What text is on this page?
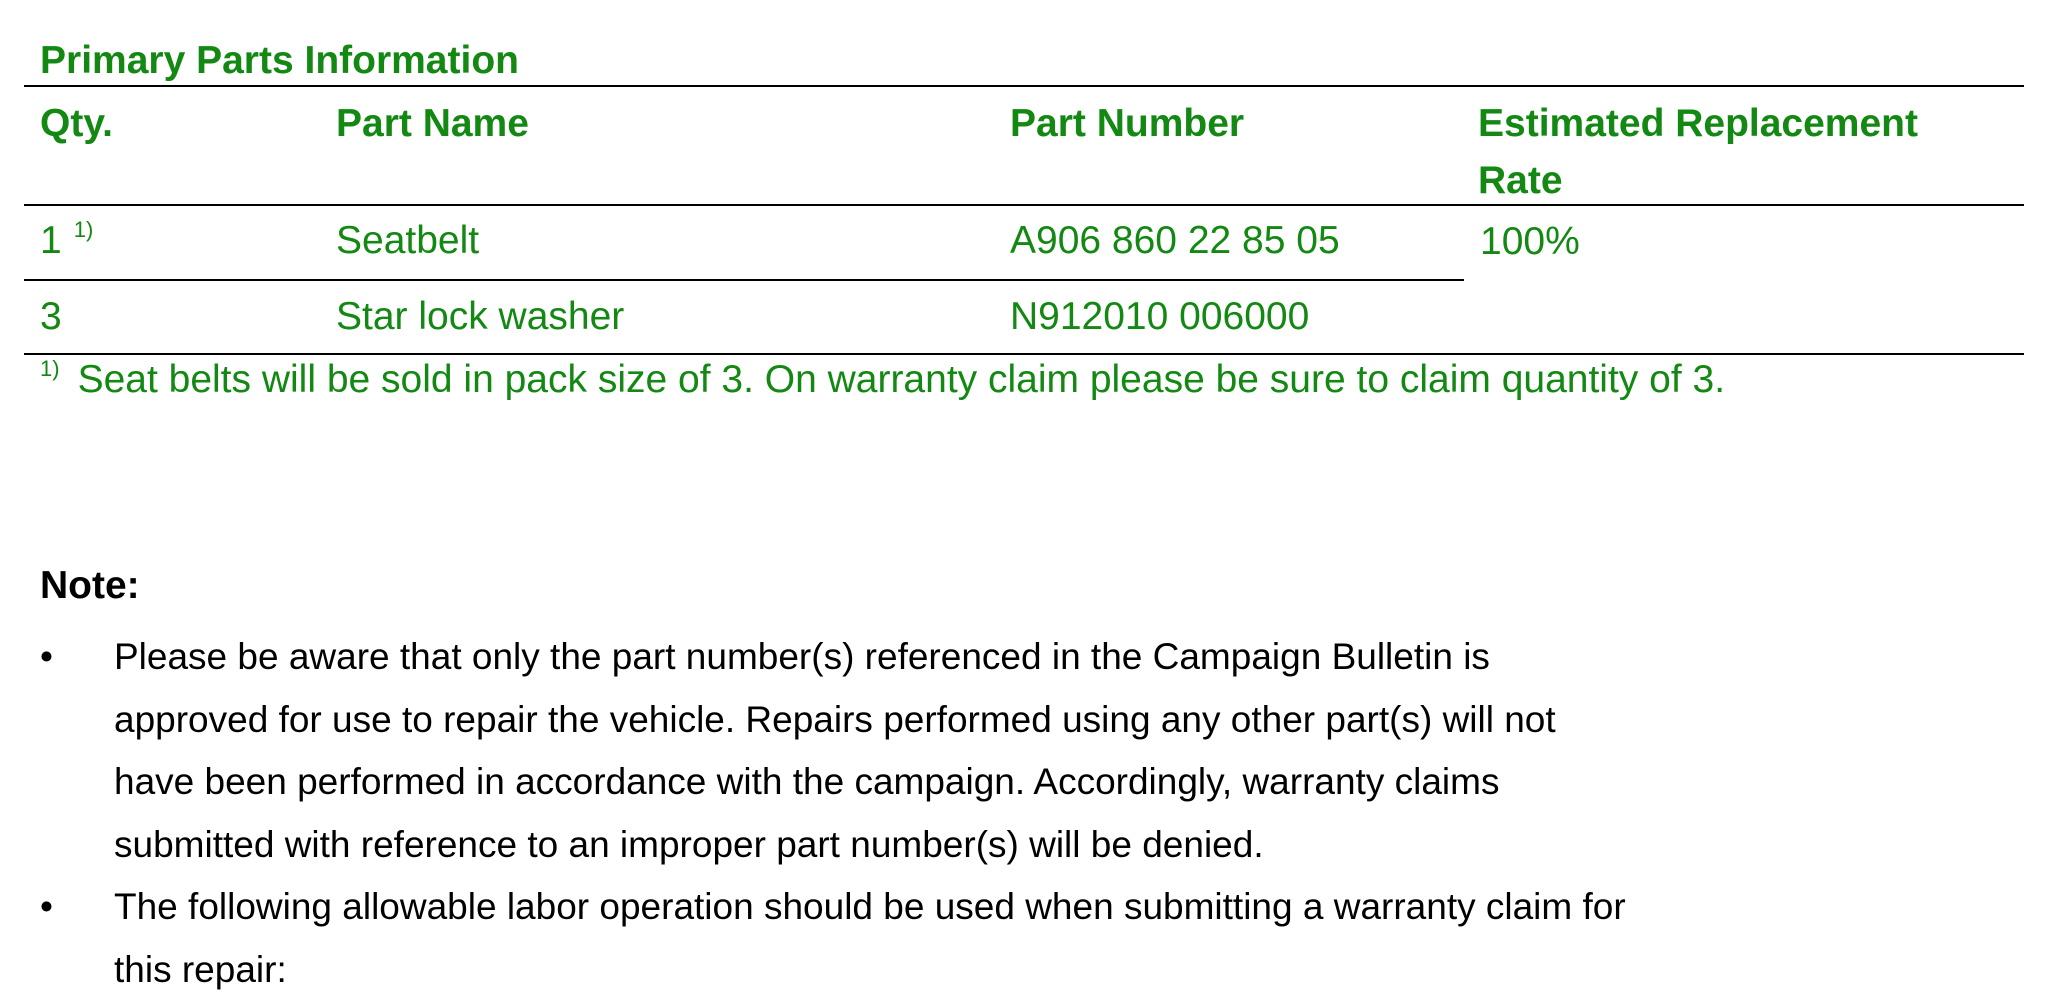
Primary Parts Information
Qty.	Part Name	Part Number	Estimated Replacement
Rate
1 $^{1)}$	Seatbelt	A906 860 22 85 05	100%
3	Star lock washer	N912010 006000
$^{1)}$ Seat belts will be sold in pack size of 3. On warranty claim please be sure to claim quantity of 3.
Note:
•	Please be aware that only the part number(s) referenced in the Campaign Bulletin is
approved for use to repair the vehicle. Repairs performed using any other part(s) will not
have been performed in accordance with the campaign. Accordingly, warranty claims
submitted with reference to an improper part number(s) will be denied.
•	The following allowable labor operation should be used when submitting a warranty claim for
this repair:
